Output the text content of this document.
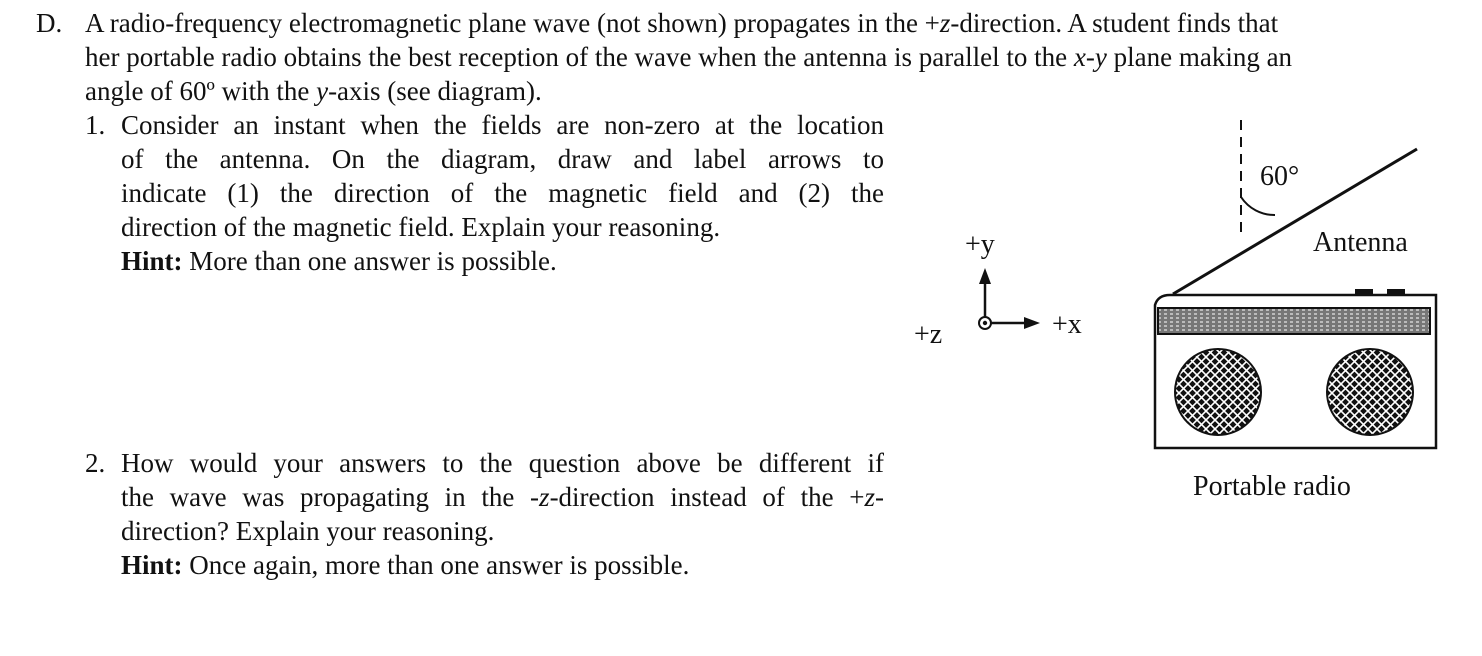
D. A radio-frequency electromagnetic plane wave (not shown) propagates in the +z-direction. A student finds that
her portable radio obtains the best reception of the wave when the antenna is parallel to the x-y plane making an
angle of 60º with the y-axis (see diagram).
1. Consider an instant when the fields are non-zero at the location
of the antenna. On the diagram, draw and label arrows to
indicate (1) the direction of the magnetic field and (2) the
direction of the magnetic field. Explain your reasoning.
Hint: More than one answer is possible.
2. How would your answers to the question above be different if
the wave was propagating in the -z-direction instead of the +z-
direction? Explain your reasoning.
Hint: Once again, more than one answer is possible.
+y
+x
+z
60°
Antenna
Portable radio
